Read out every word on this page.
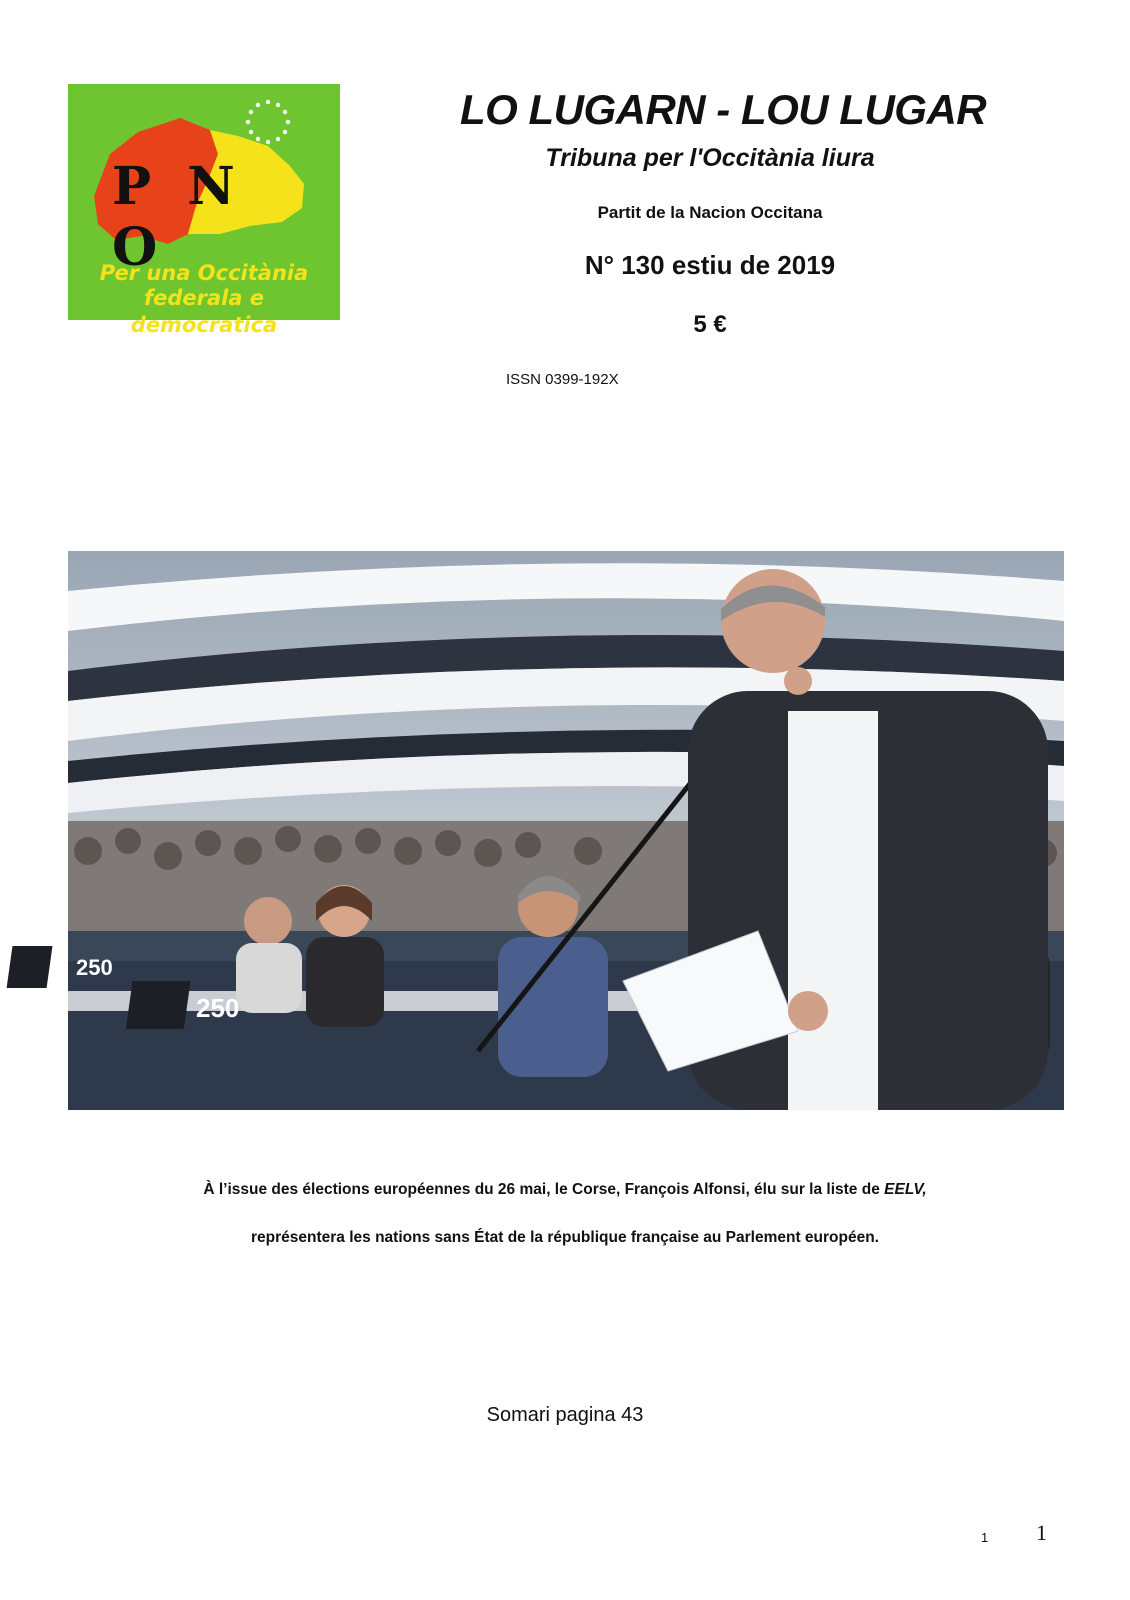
P N O
Per una Occitània
federala e democratica
LO LUGARN - LOU LUGAR
Tribuna per l'Occitània liura
Partit de la Nacion Occitana
N° 130 estiu de 2019
5 €
ISSN 0399-192X
250
250
À l’issue des élections européennes du 26 mai, le Corse, François Alfonsi, élu sur la liste de EELV,
représentera les nations sans État de la république française au Parlement européen.
Somari pagina 43
1 1
